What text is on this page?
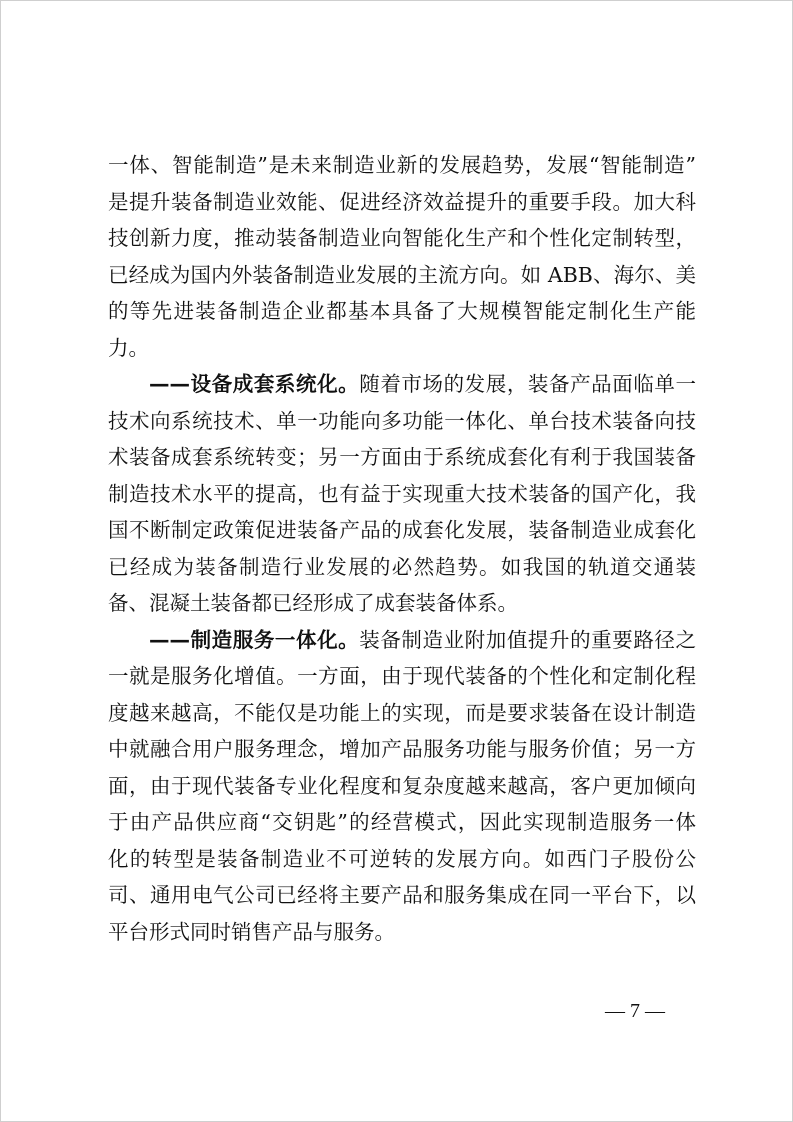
一体、智能制造”是未来制造业新的发展趋势，发展“智能制造”
是提升装备制造业效能、促进经济效益提升的重要手段。加大科
技创新力度，推动装备制造业向智能化生产和个性化定制转型，
已经成为国内外装备制造业发展的主流方向。如 ABB、海尔、美
的等先进装备制造企业都基本具备了大规模智能定制化生产能
力。
——设备成套系统化。随着市场的发展，装备产品面临单一
技术向系统技术、单一功能向多功能一体化、单台技术装备向技
术装备成套系统转变；另一方面由于系统成套化有利于我国装备
制造技术水平的提高，也有益于实现重大技术装备的国产化，我
国不断制定政策促进装备产品的成套化发展，装备制造业成套化
已经成为装备制造行业发展的必然趋势。如我国的轨道交通装
备、混凝土装备都已经形成了成套装备体系。
——制造服务一体化。装备制造业附加值提升的重要路径之
一就是服务化增值。一方面，由于现代装备的个性化和定制化程
度越来越高，不能仅是功能上的实现，而是要求装备在设计制造
中就融合用户服务理念，增加产品服务功能与服务价值；另一方
面，由于现代装备专业化程度和复杂度越来越高，客户更加倾向
于由产品供应商“交钥匙”的经营模式，因此实现制造服务一体
化的转型是装备制造业不可逆转的发展方向。如西门子股份公
司、通用电气公司已经将主要产品和服务集成在同一平台下，以
平台形式同时销售产品与服务。
— 7 —
